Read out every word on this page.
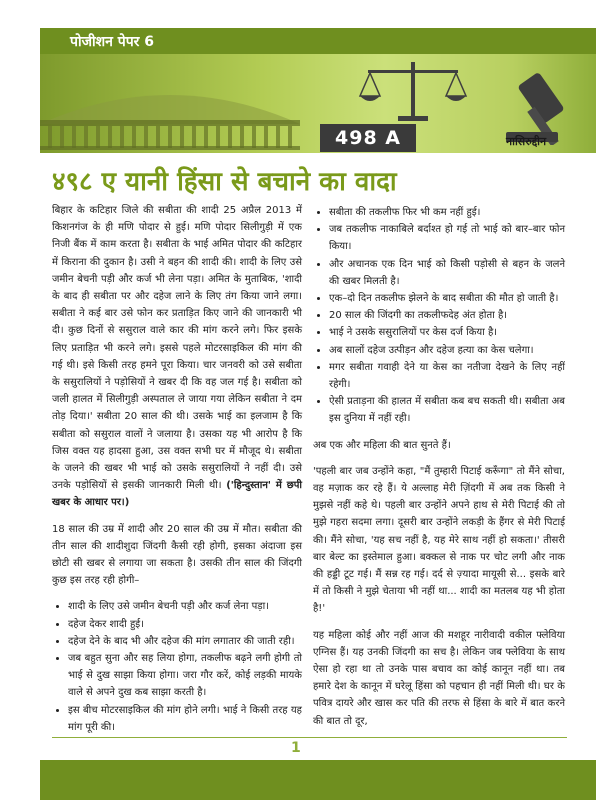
पोजीशन पेपर 6
498 A	नासिरुद्दीन
४९८ ए यानी हिंसा से बचाने का वादा

बिहार के कटिहार जिले की सबीता की शादी 25 अप्रैल 2013 में किशनगंज के ही मणि पोदार से हुई। मणि पोदार सिलीगुड़ी में एक निजी बैंक में काम करता है। सबीता के भाई अमित पोदार की कटिहार में किराना की दुकान है। उसी ने बहन की शादी की। शादी के लिए उसे जमीन बेचनी पड़ी और कर्ज भी लेना पड़ा। अमित के मुताबिक, 'शादी के बाद ही सबीता पर और दहेज लाने के लिए तंग किया जाने लगा। सबीता ने कई बार उसे फोन कर प्रताड़ित किए जाने की जानकारी भी दी। कुछ दिनों से ससुराल वाले कार की मांग करने लगे। फिर इसके लिए प्रताड़ित भी करने लगे। इससे पहले मोटरसाइकिल की मांग की गई थी। इसे किसी तरह हमने पूरा किया। चार जनवरी को उसे सबीता के ससुरालियों ने पड़ोसियों ने खबर दी कि वह जल गई है। सबीता को जली हालत में सिलीगुड़ी अस्पताल ले जाया गया लेकिन सबीता ने दम तोड़ दिया।' सबीता 20 साल की थी। उसके भाई का इलजाम है कि सबीता को ससुराल वालों ने जलाया है। उसका यह भी आरोप है कि जिस वक्त यह हादसा हुआ, उस वक्त सभी घर में मौजूद थे। सबीता के जलने की खबर भी भाई को उसके ससुरालियों ने नहीं दी। उसे उनके पड़ोसियों से इसकी जानकारी मिली थी। ('हिन्दुस्तान' में छपी खबर के आधार पर।)

18 साल की उम्र में शादी और 20 साल की उम्र में मौत। सबीता की तीन साल की शादीशुदा जिंदगी कैसी रही होगी, इसका अंदाजा इस छोटी सी खबर से लगाया जा सकता है। उसकी तीन साल की जिंदगी कुछ इस तरह रही होगी–

• शादी के लिए उसे जमीन बेचनी पड़ी और कर्ज लेना पड़ा।
• दहेज देकर शादी हुई।
• दहेज देने के बाद भी और दहेज की मांग लगातार की जाती रही।
• जब बहुत सुना और सह लिया होगा, तकलीफ बढ़ने लगी होगी तो भाई से दुख साझा किया होगा। जरा गौर करें, कोई लड़की मायके वाले से अपने दुख कब साझा करती है।
• इस बीच मोटरसाइकिल की मांग होने लगी। भाई ने किसी तरह यह मांग पूरी की।
• सबीता की तकलीफ फिर भी कम नहीं हुई।
• जब तकलीफ नाकाबिले बर्दाश्त हो गई तो भाई को बार–बार फोन किया।
• और अचानक एक दिन भाई को किसी पड़ोसी से बहन के जलने की खबर मिलती है।
• एक–दो दिन तकलीफ झेलने के बाद सबीता की मौत हो जाती है।
• 20 साल की जिंदगी का तकलीफदेह अंत होता है।
• भाई ने उसके ससुरालियों पर केस दर्ज किया है।
• अब सालों दहेज उत्पीड़न और दहेज हत्या का केस चलेगा।
• मगर सबीता गवाही देने या केस का नतीजा देखने के लिए नहीं रहेगी।
• ऐसी प्रताड़ना की हालत में सबीता कब बच सकती थी। सबीता अब इस दुनिया में नहीं रही।

अब एक और महिला की बात सुनते हैं।

'पहली बार जब उन्होंने कहा, "मैं तुम्हारी पिटाई करूँगा" तो मैंने सोचा, वह मज़ाक कर रहे हैं। ये अल्लाह मेरी ज़िंदगी में अब तक किसी ने मुझसे नहीं कहे थे। पहली बार उन्होंने अपने हाथ से मेरी पिटाई की तो मुझे गहरा सदमा लगा। दूसरी बार उन्होंने लकड़ी के हैंगर से मेरी पिटाई की। मैंने सोचा, 'यह सच नहीं है, यह मेरे साथ नहीं हो सकता।' तीसरी बार बेल्ट का इस्तेमाल हुआ। बक्कल से नाक पर चोट लगी और नाक की हड्डी टूट गई। मैं सन्न रह गई। दर्द से ज़्यादा मायूसी से... इसके बारे में तो किसी ने मुझे चेताया भी नहीं था... शादी का मतलब यह भी होता है!'

यह महिला कोई और नहीं आज की मशहूर नारीवादी वकील फ्लेविया एग्निस हैं। यह उनकी जिंदगी का सच है। लेकिन जब फ्लेविया के साथ ऐसा हो रहा था तो उनके पास बचाव का कोई कानून नहीं था। तब हमारे देश के कानून में घरेलू हिंसा को पहचान ही नहीं मिली थी। घर के पवित्र दायरे और खास कर पति की तरफ से हिंसा के बारे में बात करने की बात तो दूर,

1
